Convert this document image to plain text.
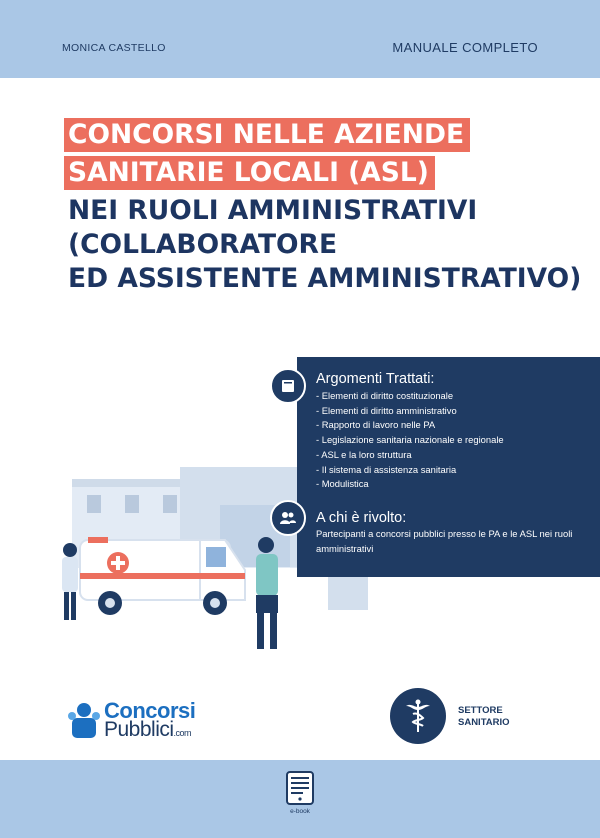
MONICA CASTELLO	MANUALE COMPLETO
CONCORSI NELLE AZIENDE
SANITARIE LOCALI (ASL)
NEI RUOLI AMMINISTRATIVI
(COLLABORATORE
ED ASSISTENTE AMMINISTRATIVO)
Argomenti Trattati:
- Elementi di diritto costituzionale
- Elementi di diritto amministrativo
- Rapporto di lavoro nelle PA
- Legislazione sanitaria nazionale e regionale
- ASL e la loro struttura
- Il sistema di assistenza sanitaria
- Modulistica
A chi è rivolto:
Partecipanti a concorsi pubblici presso le PA e le ASL nei ruoli amministrativi
Concorsi
Pubblici.com
SETTORE
SANITARIO
e-book
